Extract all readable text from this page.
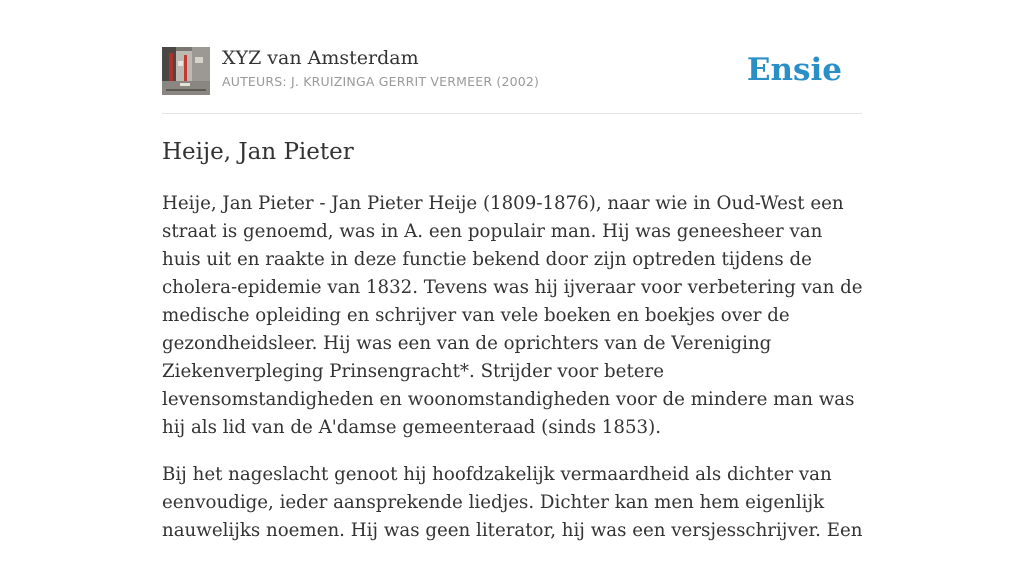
XYZ van Amsterdam
AUTEURS: J. KRUIZINGA GERRIT VERMEER (2002)	Ensie
Heije, Jan Pieter

Heije, Jan Pieter - Jan Pieter Heije (1809-1876), naar wie in Oud-West een straat is genoemd, was in A. een populair man. Hij was geneesheer van huis uit en raakte in deze functie bekend door zijn optreden tijdens de cholera-epidemie van 1832. Tevens was hij ijveraar voor verbetering van de medische opleiding en schrijver van vele boeken en boekjes over de gezondheidsleer. Hij was een van de oprichters van de Vereniging Ziekenverpleging Prinsengracht*. Strijder voor betere levensomstandigheden en woonomstandigheden voor de mindere man was hij als lid van de A'damse gemeenteraad (sinds 1853).

Bij het nageslacht genoot hij hoofdzakelijk vermaardheid als dichter van eenvoudige, ieder aansprekende liedjes. Dichter kan men hem eigenlijk nauwelijks noemen. Hij was geen literator, hij was een versjesschrijver. Een
